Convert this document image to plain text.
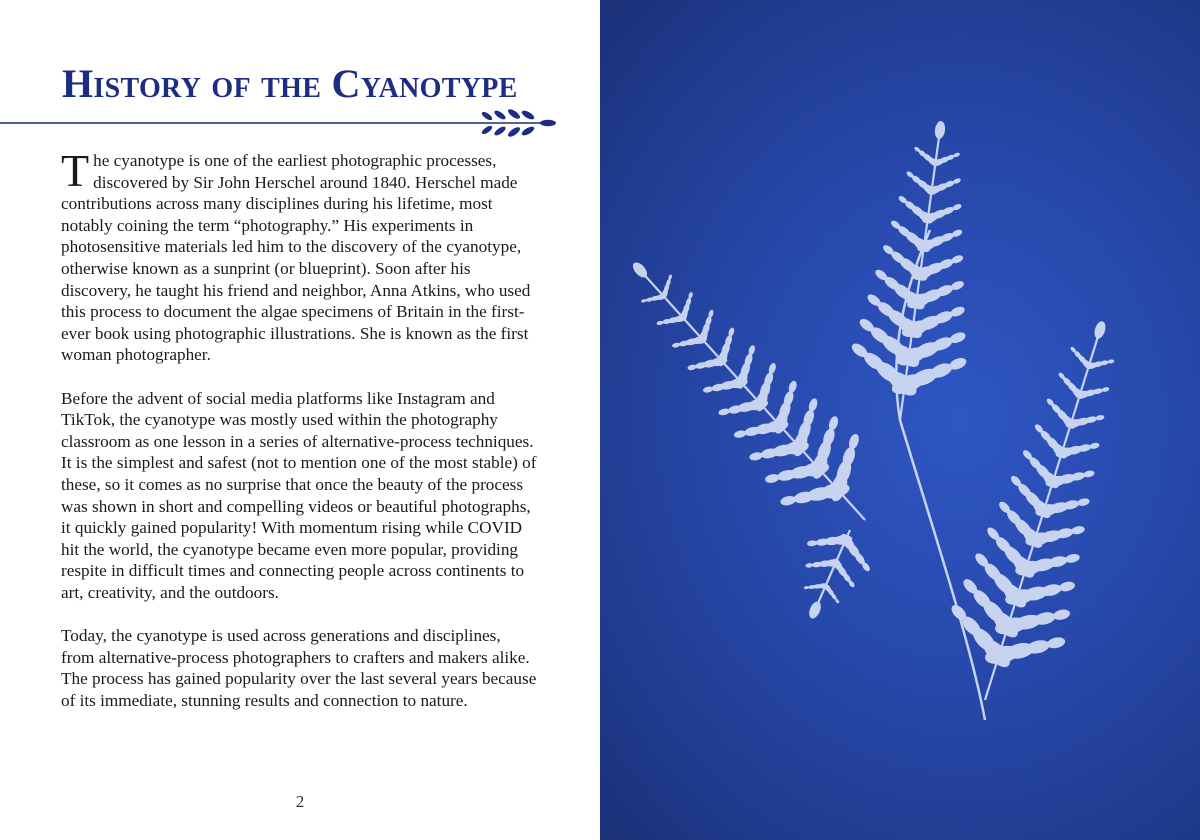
History of the Cyanotype

The cyanotype is one of the earliest photographic processes, discovered by Sir John Herschel around 1840. Herschel made contributions across many disciplines during his lifetime, most notably coining the term “photography.” His experiments in photosensitive materials led him to the discovery of the cyanotype, otherwise known as a sunprint (or blueprint). Soon after his discovery, he taught his friend and neighbor, Anna Atkins, who used this process to document the algae specimens of Britain in the first-ever book using photographic illustrations. She is known as the first woman photographer.

Before the advent of social media platforms like Instagram and TikTok, the cyanotype was mostly used within the photography classroom as one lesson in a series of alternative-process techniques. It is the simplest and safest (not to mention one of the most stable) of these, so it comes as no surprise that once the beauty of the process was shown in short and compelling videos or beautiful photographs, it quickly gained popularity! With momentum rising while COVID hit the world, the cyanotype became even more popular, providing respite in difficult times and connecting people across continents to art, creativity, and the outdoors.

Today, the cyanotype is used across generations and disciplines, from alternative-process photographers to crafters and makers alike. The process has gained popularity over the last several years because of its immediate, stunning results and connection to nature.

2
